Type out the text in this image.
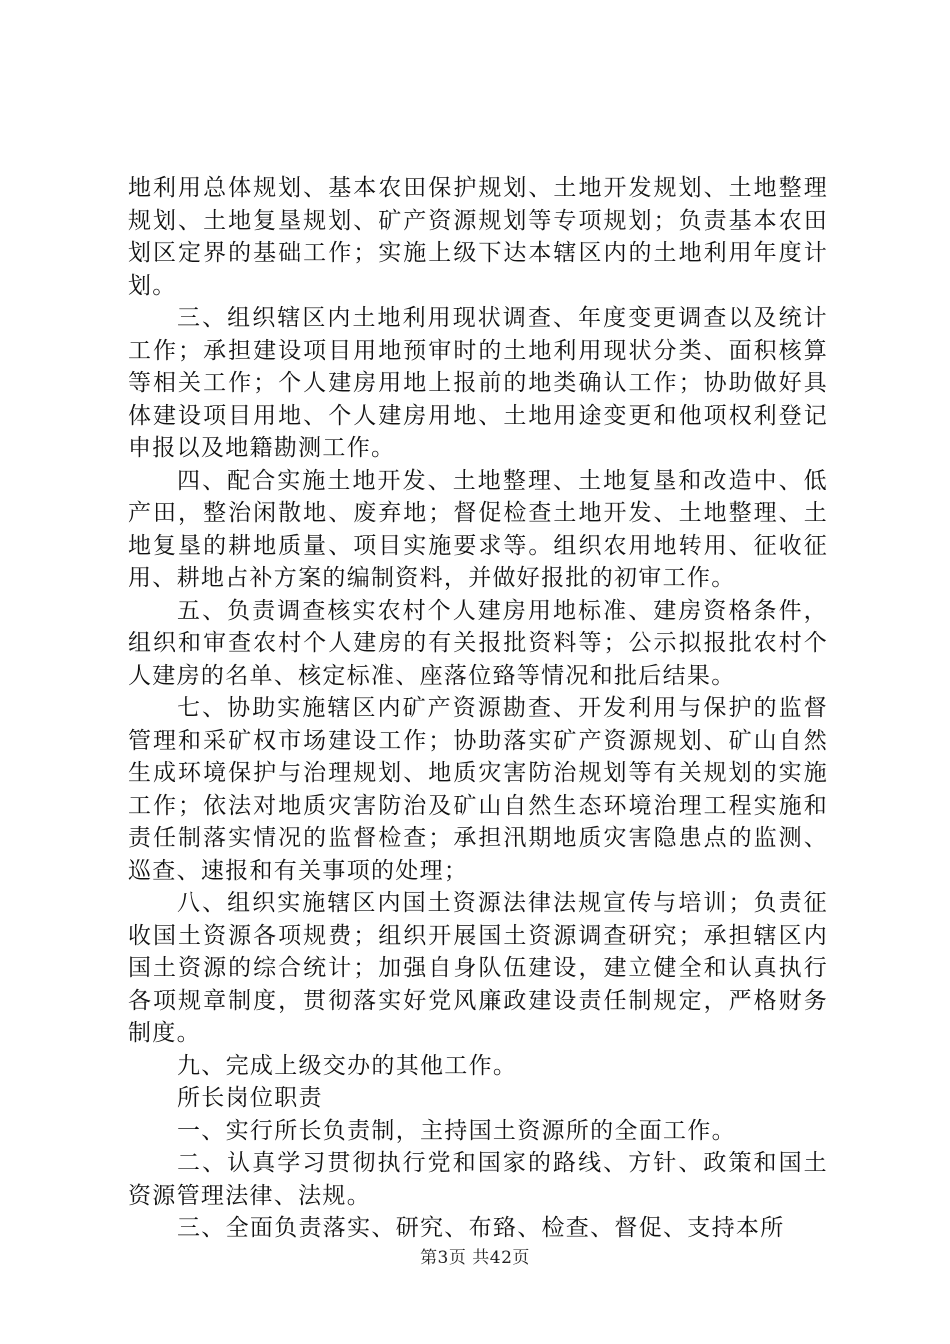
地利用总体规划、基本农田保护规划、土地开发规划、土地整理规划、土地复垦规划、矿产资源规划等专项规划；负责基本农田划区定界的基础工作；实施上级下达本辖区内的土地利用年度计划。

三、组织辖区内土地利用现状调查、年度变更调查以及统计工作；承担建设项目用地预审时的土地利用现状分类、面积核算等相关工作；个人建房用地上报前的地类确认工作；协助做好具体建设项目用地、个人建房用地、土地用途变更和他项权利登记申报以及地籍勘测工作。

四、配合实施土地开发、土地整理、土地复垦和改造中、低产田，整治闲散地、废弃地；督促检查土地开发、土地整理、土地复垦的耕地质量、项目实施要求等。组织农用地转用、征收征用、耕地占补方案的编制资料，并做好报批的初审工作。

五、负责调查核实农村个人建房用地标准、建房资格条件，组织和审查农村个人建房的有关报批资料等；公示拟报批农村个人建房的名单、核定标准、座落位臵等情况和批后结果。

七、协助实施辖区内矿产资源勘查、开发利用与保护的监督管理和采矿权市场建设工作；协助落实矿产资源规划、矿山自然生成环境保护与治理规划、地质灾害防治规划等有关规划的实施工作；依法对地质灾害防治及矿山自然生态环境治理工程实施和责任制落实情况的监督检查；承担汛期地质灾害隐患点的监测、巡查、速报和有关事项的处理；

八、组织实施辖区内国土资源法律法规宣传与培训；负责征收国土资源各项规费；组织开展国土资源调查研究；承担辖区内国土资源的综合统计；加强自身队伍建设，建立健全和认真执行各项规章制度，贯彻落实好党风廉政建设责任制规定，严格财务制度。

九、完成上级交办的其他工作。

所长岗位职责

一、实行所长负责制，主持国土资源所的全面工作。

二、认真学习贯彻执行党和国家的路线、方针、政策和国土资源管理法律、法规。

三、全面负责落实、研究、布臵、检查、督促、支持本所

第3页 共42页
